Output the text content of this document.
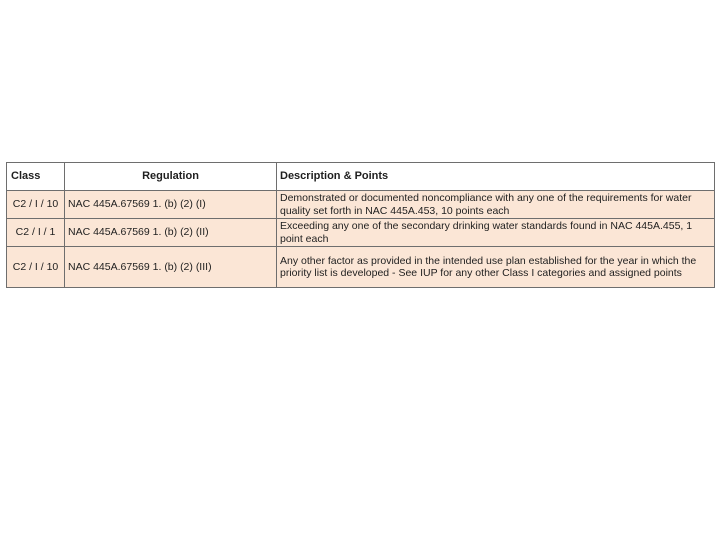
Class	Regulation	Description & Points
C2 / I / 10	NAC 445A.67569 1. (b) (2) (I)	Demonstrated or documented noncompliance with any one of the requirements for water quality set forth in NAC 445A.453, 10 points each
C2 / I / 1	NAC 445A.67569 1. (b) (2) (II)	Exceeding any one of the secondary drinking water standards found in NAC 445A.455, 1 point each
C2 / I / 10	NAC 445A.67569 1. (b) (2) (III)	Any other factor as provided in the intended use plan established for the year in which the priority list is developed - See IUP for any other Class I categories and assigned points
